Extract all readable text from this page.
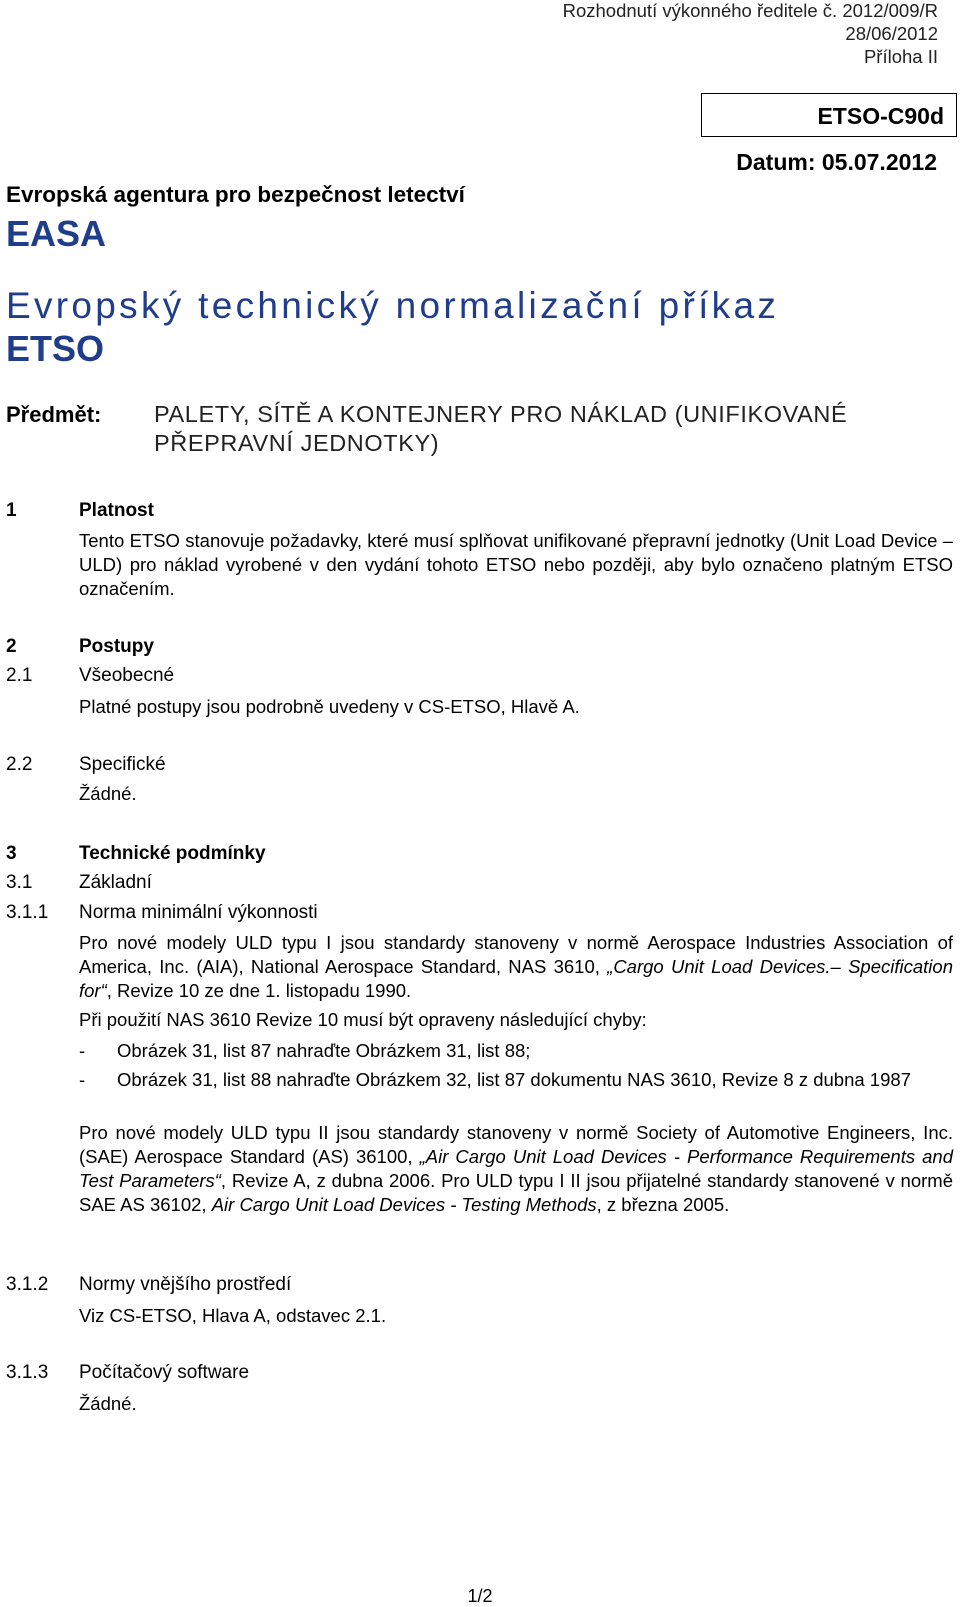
Rozhodnutí výkonného ředitele č. 2012/009/R
28/06/2012
Příloha II
ETSO-C90d
Datum: 05.07.2012
Evropská agentura pro bezpečnost letectví
EASA
Evropský technický normalizační příkaz
ETSO
Předmět: PALETY, SÍTĚ A KONTEJNERY PRO NÁKLAD (UNIFIKOVANÉ
PŘEPRAVNÍ JEDNOTKY)
1	Platnost
Tento ETSO stanovuje požadavky, které musí splňovat unifikované přepravní jednotky (Unit Load Device – ULD) pro náklad vyrobené v den vydání tohoto ETSO nebo později, aby bylo označeno platným ETSO označením.
2	Postupy
2.1 Všeobecné
Platné postupy jsou podrobně uvedeny v CS-ETSO, Hlavě A.
2.2 Specifické
Žádné.
3	Technické podmínky
3.1 Základní
3.1.1 Norma minimální výkonnosti
Pro nové modely ULD typu I jsou standardy stanoveny v normě Aerospace Industries Association of America, Inc. (AIA), National Aerospace Standard, NAS 3610, „Cargo Unit Load Devices.– Specification for“, Revize 10 ze dne 1. listopadu 1990.
Při použití NAS 3610 Revize 10 musí být opraveny následující chyby:
- Obrázek 31, list 87 nahraďte Obrázkem 31, list 88;
- Obrázek 31, list 88 nahraďte Obrázkem 32, list 87 dokumentu NAS 3610, Revize 8 z dubna 1987
Pro nové modely ULD typu II jsou standardy stanoveny v normě Society of Automotive Engineers, Inc. (SAE) Aerospace Standard (AS) 36100, „Air Cargo Unit Load Devices - Performance Requirements and Test Parameters“, Revize A, z dubna 2006. Pro ULD typu I II jsou přijatelné standardy stanovené v normě SAE AS 36102, Air Cargo Unit Load Devices - Testing Methods, z března 2005.
3.1.2 Normy vnějšího prostředí
Viz CS-ETSO, Hlava A, odstavec 2.1.
3.1.3 Počítačový software
Žádné.
1/2
